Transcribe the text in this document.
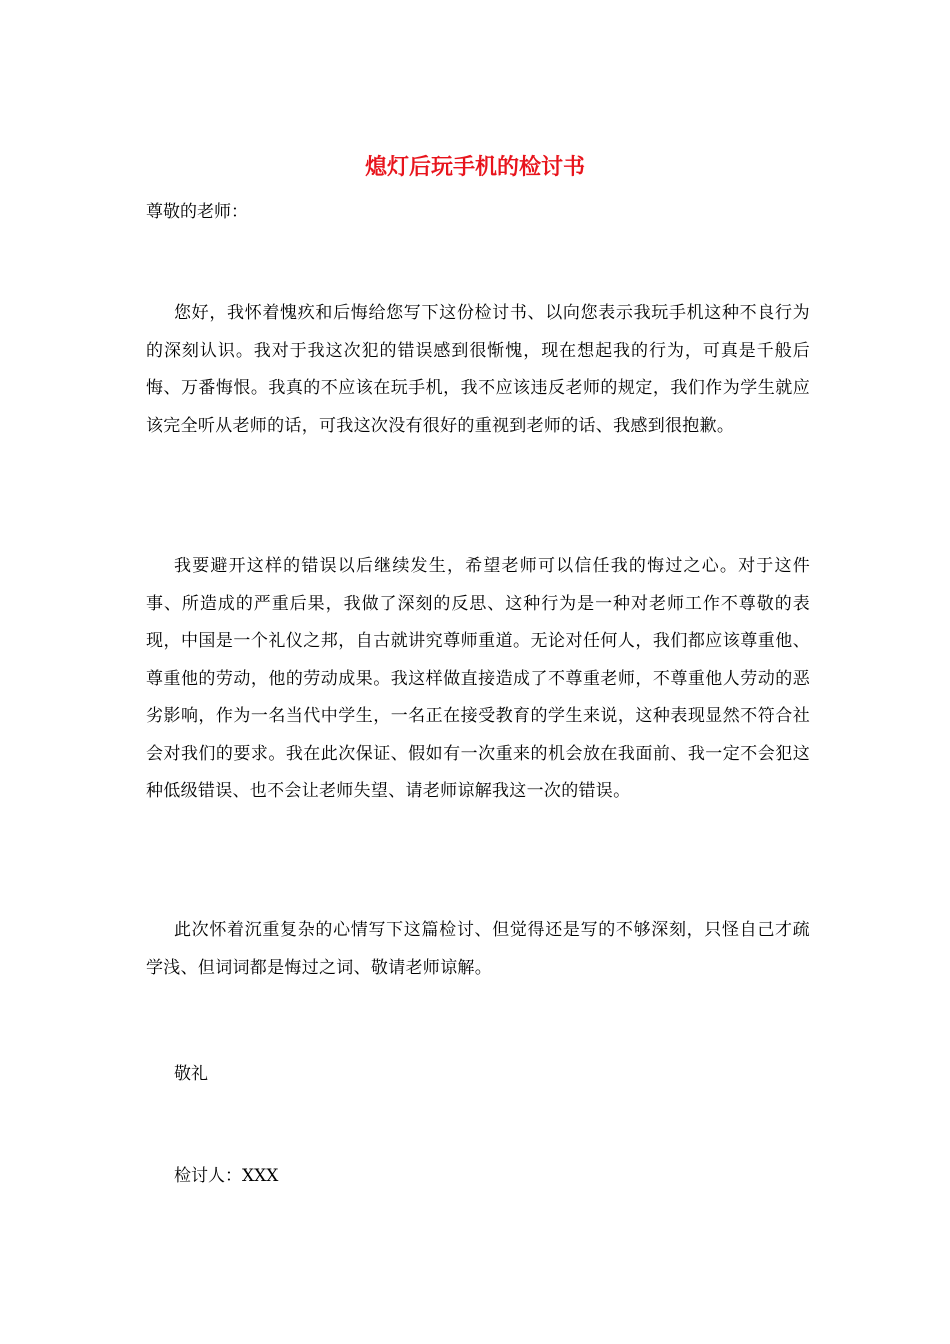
熄灯后玩手机的检讨书

尊敬的老师：

您好，我怀着愧疚和后悔给您写下这份检讨书、以向您表示我玩手机这种不良行为的深刻认识。我对于我这次犯的错误感到很惭愧，现在想起我的行为，可真是千般后悔、万番悔恨。我真的不应该在玩手机，我不应该违反老师的规定，我们作为学生就应该完全听从老师的话，可我这次没有很好的重视到老师的话、我感到很抱歉。

我要避开这样的错误以后继续发生，希望老师可以信任我的悔过之心。对于这件事、所造成的严重后果，我做了深刻的反思、这种行为是一种对老师工作不尊敬的表现，中国是一个礼仪之邦，自古就讲究尊师重道。无论对任何人，我们都应该尊重他、尊重他的劳动，他的劳动成果。我这样做直接造成了不尊重老师，不尊重他人劳动的恶劣影响，作为一名当代中学生，一名正在接受教育的学生来说，这种表现显然不符合社会对我们的要求。我在此次保证、假如有一次重来的机会放在我面前、我一定不会犯这种低级错误、也不会让老师失望、请老师谅解我这一次的错误。

此次怀着沉重复杂的心情写下这篇检讨、但觉得还是写的不够深刻，只怪自己才疏学浅、但词词都是悔过之词、敬请老师谅解。

敬礼

检讨人：XXX
